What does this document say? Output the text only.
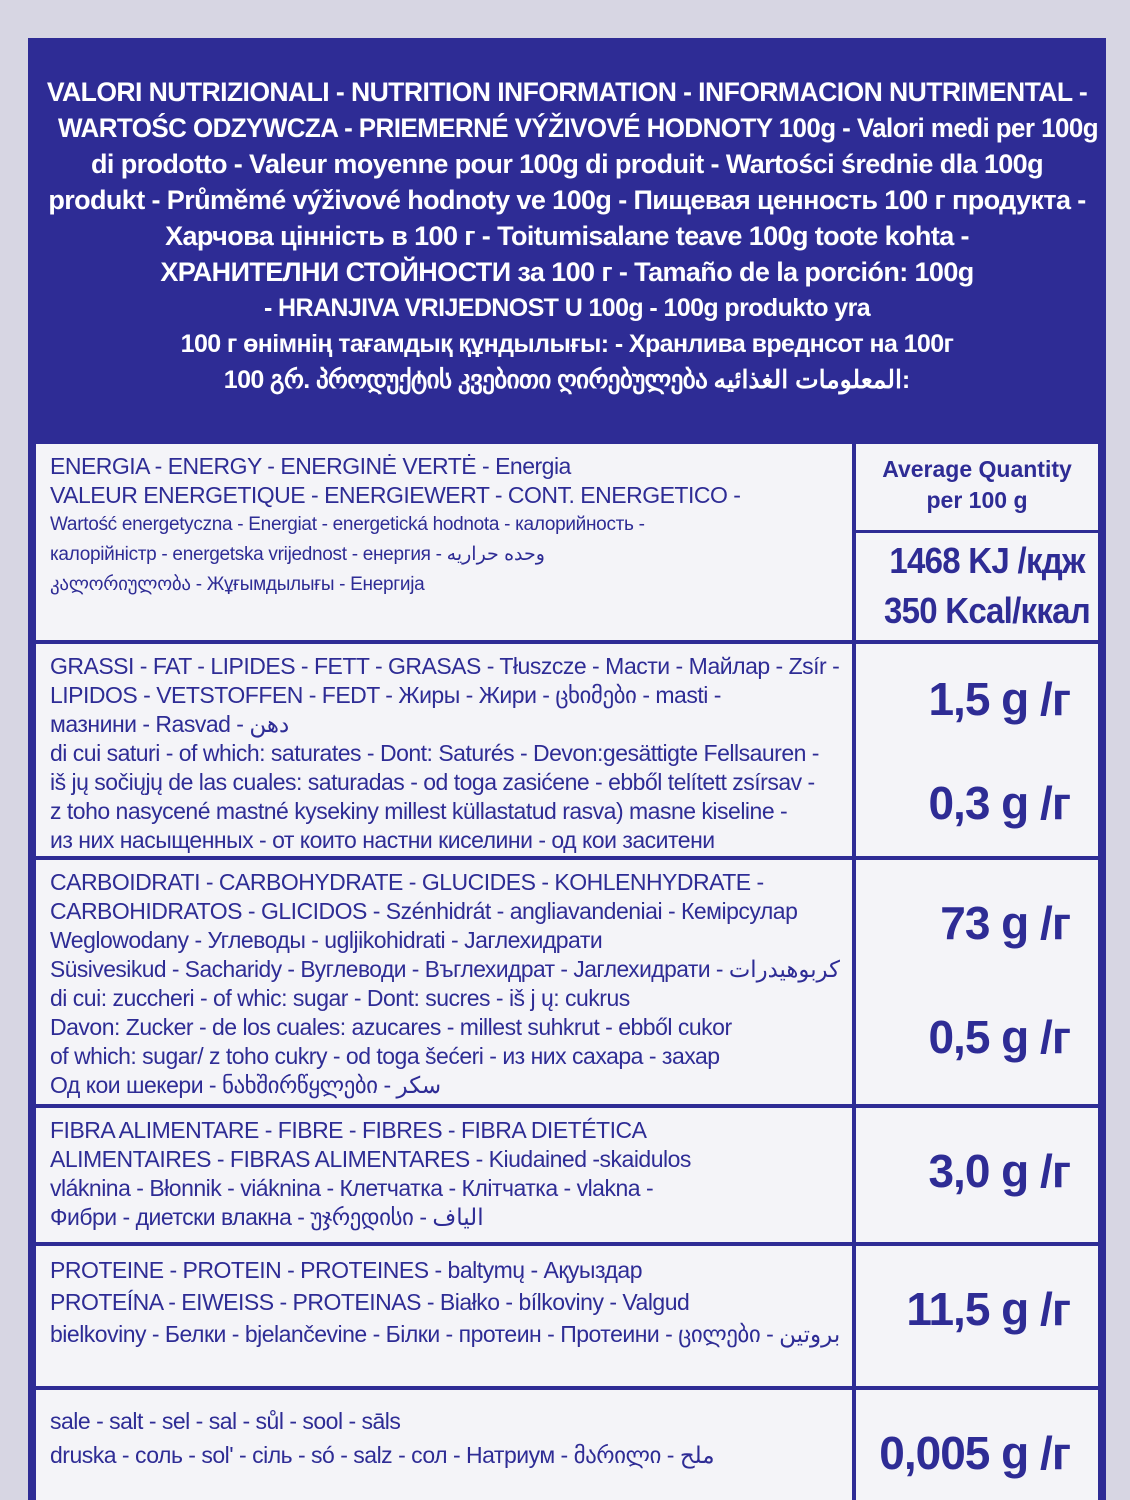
VALORI NUTRIZIONALI - NUTRITION INFORMATION - INFORMACION NUTRIMENTAL -
WARTOŚC ODZYWCZA - PRIEMERNÉ VÝŽIVOVÉ HODNOTY 100g - Valori medi per 100g
di prodotto - Valeur moyenne pour 100g di produit - Wartości średnie dla 100g
produkt - Průměmé výživové hodnoty ve 100g - Пищевая ценность 100 г продукта -
Харчова цінність в 100 г - Toitumisalane teave 100g toote kohta -
ХРАНИТЕЛНИ СТОЙНОСТИ за 100 г - Tamaño de la porción: 100g
- HRANJIVA VRIJEDNOST U 100g - 100g produkto yra
100 г өнімнің тағамдық құндылығы: - Хранлива вреднсот на 100г
100 გრ. პროდუქტის კვებითი ღირებულება المعلومات الغذائيه:
ENERGIA - ENERGY - ENERGINĖ VERTĖ - Energia
VALEUR ENERGETIQUE - ENERGIEWERT - CONT. ENERGETICO -
Wartość energetyczna - Energiat - energetická hodnota - калорийность -
калорійністр - energetska vrijednost - енергия - وحده حراريه
კალორიულობა - Жұғымдылығы - Енергија
Average Quantity
per 100 g
1468 KJ /кдж
350 Kcal/ккал
GRASSI - FAT - LIPIDES - FETT - GRASAS - Tłuszcze - Масти - Майлар - Zsír -
LIPIDOS - VETSTOFFEN - FEDT - Жиры - Жири - ცხიმები - masti -
мазнини - Rasvad - دهن
di cui saturi - of which: saturates - Dont: Saturés - Devon:gesättigte Fellsauren -
iš jų sočiųjų de las cuales: saturadas - od toga zasićene - ebből telített zsírsav -
z toho nasycené mastné kysekiny millest küllastatud rasva) masne kiseline -
из них насыщенных - от които настни киселини - од кои заситени
1,5 g /г
0,3 g /г
CARBOIDRATI - CARBOHYDRATE - GLUCIDES - KOHLENHYDRATE -
CARBOHIDRATOS - GLICIDOS - Szénhidrát - angliavandeniai - Кемірсулар
Weglowodany - Углеводы - ugljikohidrati - Јаглехидрати
Süsivesikud - Sacharidy - Вуглеводи - Въглехидрат - Јаглехидрати - كربوهيدرات
di cui: zuccheri - of whic: sugar - Dont: sucres - iš j ų: cukrus
Davon: Zucker - de los cuales: azucares - millest suhkrut - ebből cukor
of which: sugar/ z toho cukry - od toga šećeri - из них сахара - захар
Од кои шекери - ნახშირწყლები - سكر
73 g /г
0,5 g /г
FIBRA ALIMENTARE - FIBRE - FIBRES - FIBRA DIETÉTICA
ALIMENTAIRES - FIBRAS ALIMENTARES - Kiudained -skaidulos
vláknina - Błonnik - viáknina - Клетчатка - Клітчатка - vlakna -
Фибри - диетски влакна - უჯრედისი - الياف
3,0 g /г
PROTEINE - PROTEIN - PROTEINES - baltymų - Ақуыздар
PROTEÍNA - EIWEISS - PROTEINAS - Białko - bílkoviny - Valgud
bielkoviny - Белки - bjelančevine - Білки - протеин - Протеини - ცილები - بروتين 11,5 g /г
sale - salt - sel - sal - sůl - sool - sāls
druska - соль - sol' - сіль - só - salz - сол - Натриум - მარილი - ملح	0,005 g /г
